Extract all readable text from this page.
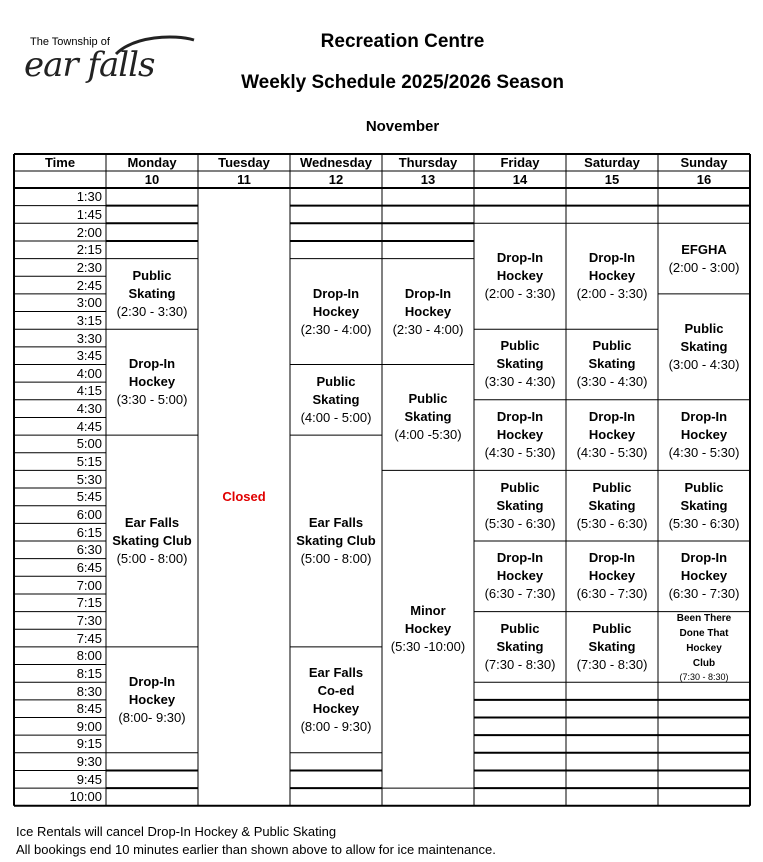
The Township of
ear falls
Recreation Centre
Weekly Schedule 2025/2026 Season
November
Time	Monday
10
Tuesday
11
Wednesday
12
Thursday
13
Friday
14
Saturday
15
Sunday
16
1:30
1:45
2:00
2:15
2:30
2:45
3:00
3:15
3:30
3:45
4:00
4:15
4:30
4:45
5:00
5:15
5:30
5:45
6:00
6:15
6:30
6:45
7:00
7:15
7:30
7:45
8:00
8:15
8:30
8:45
9:00
9:15
9:30
9:45
10:00
Public
Skating
(2:30 - 3:30)
Drop-In
Hockey
(3:30 - 5:00)
Ear Falls
Skating Club
(5:00 - 8:00)
Drop-In
Hockey
(8:00- 9:30)
Closed
Drop-In
Hockey
(2:30 - 4:00)
Public
Skating
(4:00 - 5:00)
Ear Falls
Skating Club
(5:00 - 8:00)
Ear Falls
Co-ed
Hockey
(8:00 - 9:30)
Drop-In
Hockey
(2:30 - 4:00)
Public
Skating
(4:00 -5:30)
Minor
Hockey
(5:30 -10:00)
Drop-In
Hockey
(2:00 - 3:30)
Public
Skating
(3:30 - 4:30)
Drop-In
Hockey
(4:30 - 5:30)
Public
Skating
(5:30 - 6:30)
Drop-In
Hockey
(6:30 - 7:30)
Public
Skating
(7:30 - 8:30)
Drop-In
Hockey
(2:00 - 3:30)
Public
Skating
(3:30 - 4:30)
Drop-In
Hockey
(4:30 - 5:30)
Public
Skating
(5:30 - 6:30)
Drop-In
Hockey
(6:30 - 7:30)
Public
Skating
(7:30 - 8:30)
EFGHA
(2:00 - 3:00)
Public
Skating
(3:00 - 4:30)
Drop-In
Hockey
(4:30 - 5:30)
Public
Skating
(5:30 - 6:30)
Drop-In
Hockey
(6:30 - 7:30)
Been There
Done That
Hockey
Club
(7:30 - 8:30)
Ice Rentals will cancel Drop-In Hockey & Public Skating
All bookings end 10 minutes earlier than shown above to allow for ice maintenance.
